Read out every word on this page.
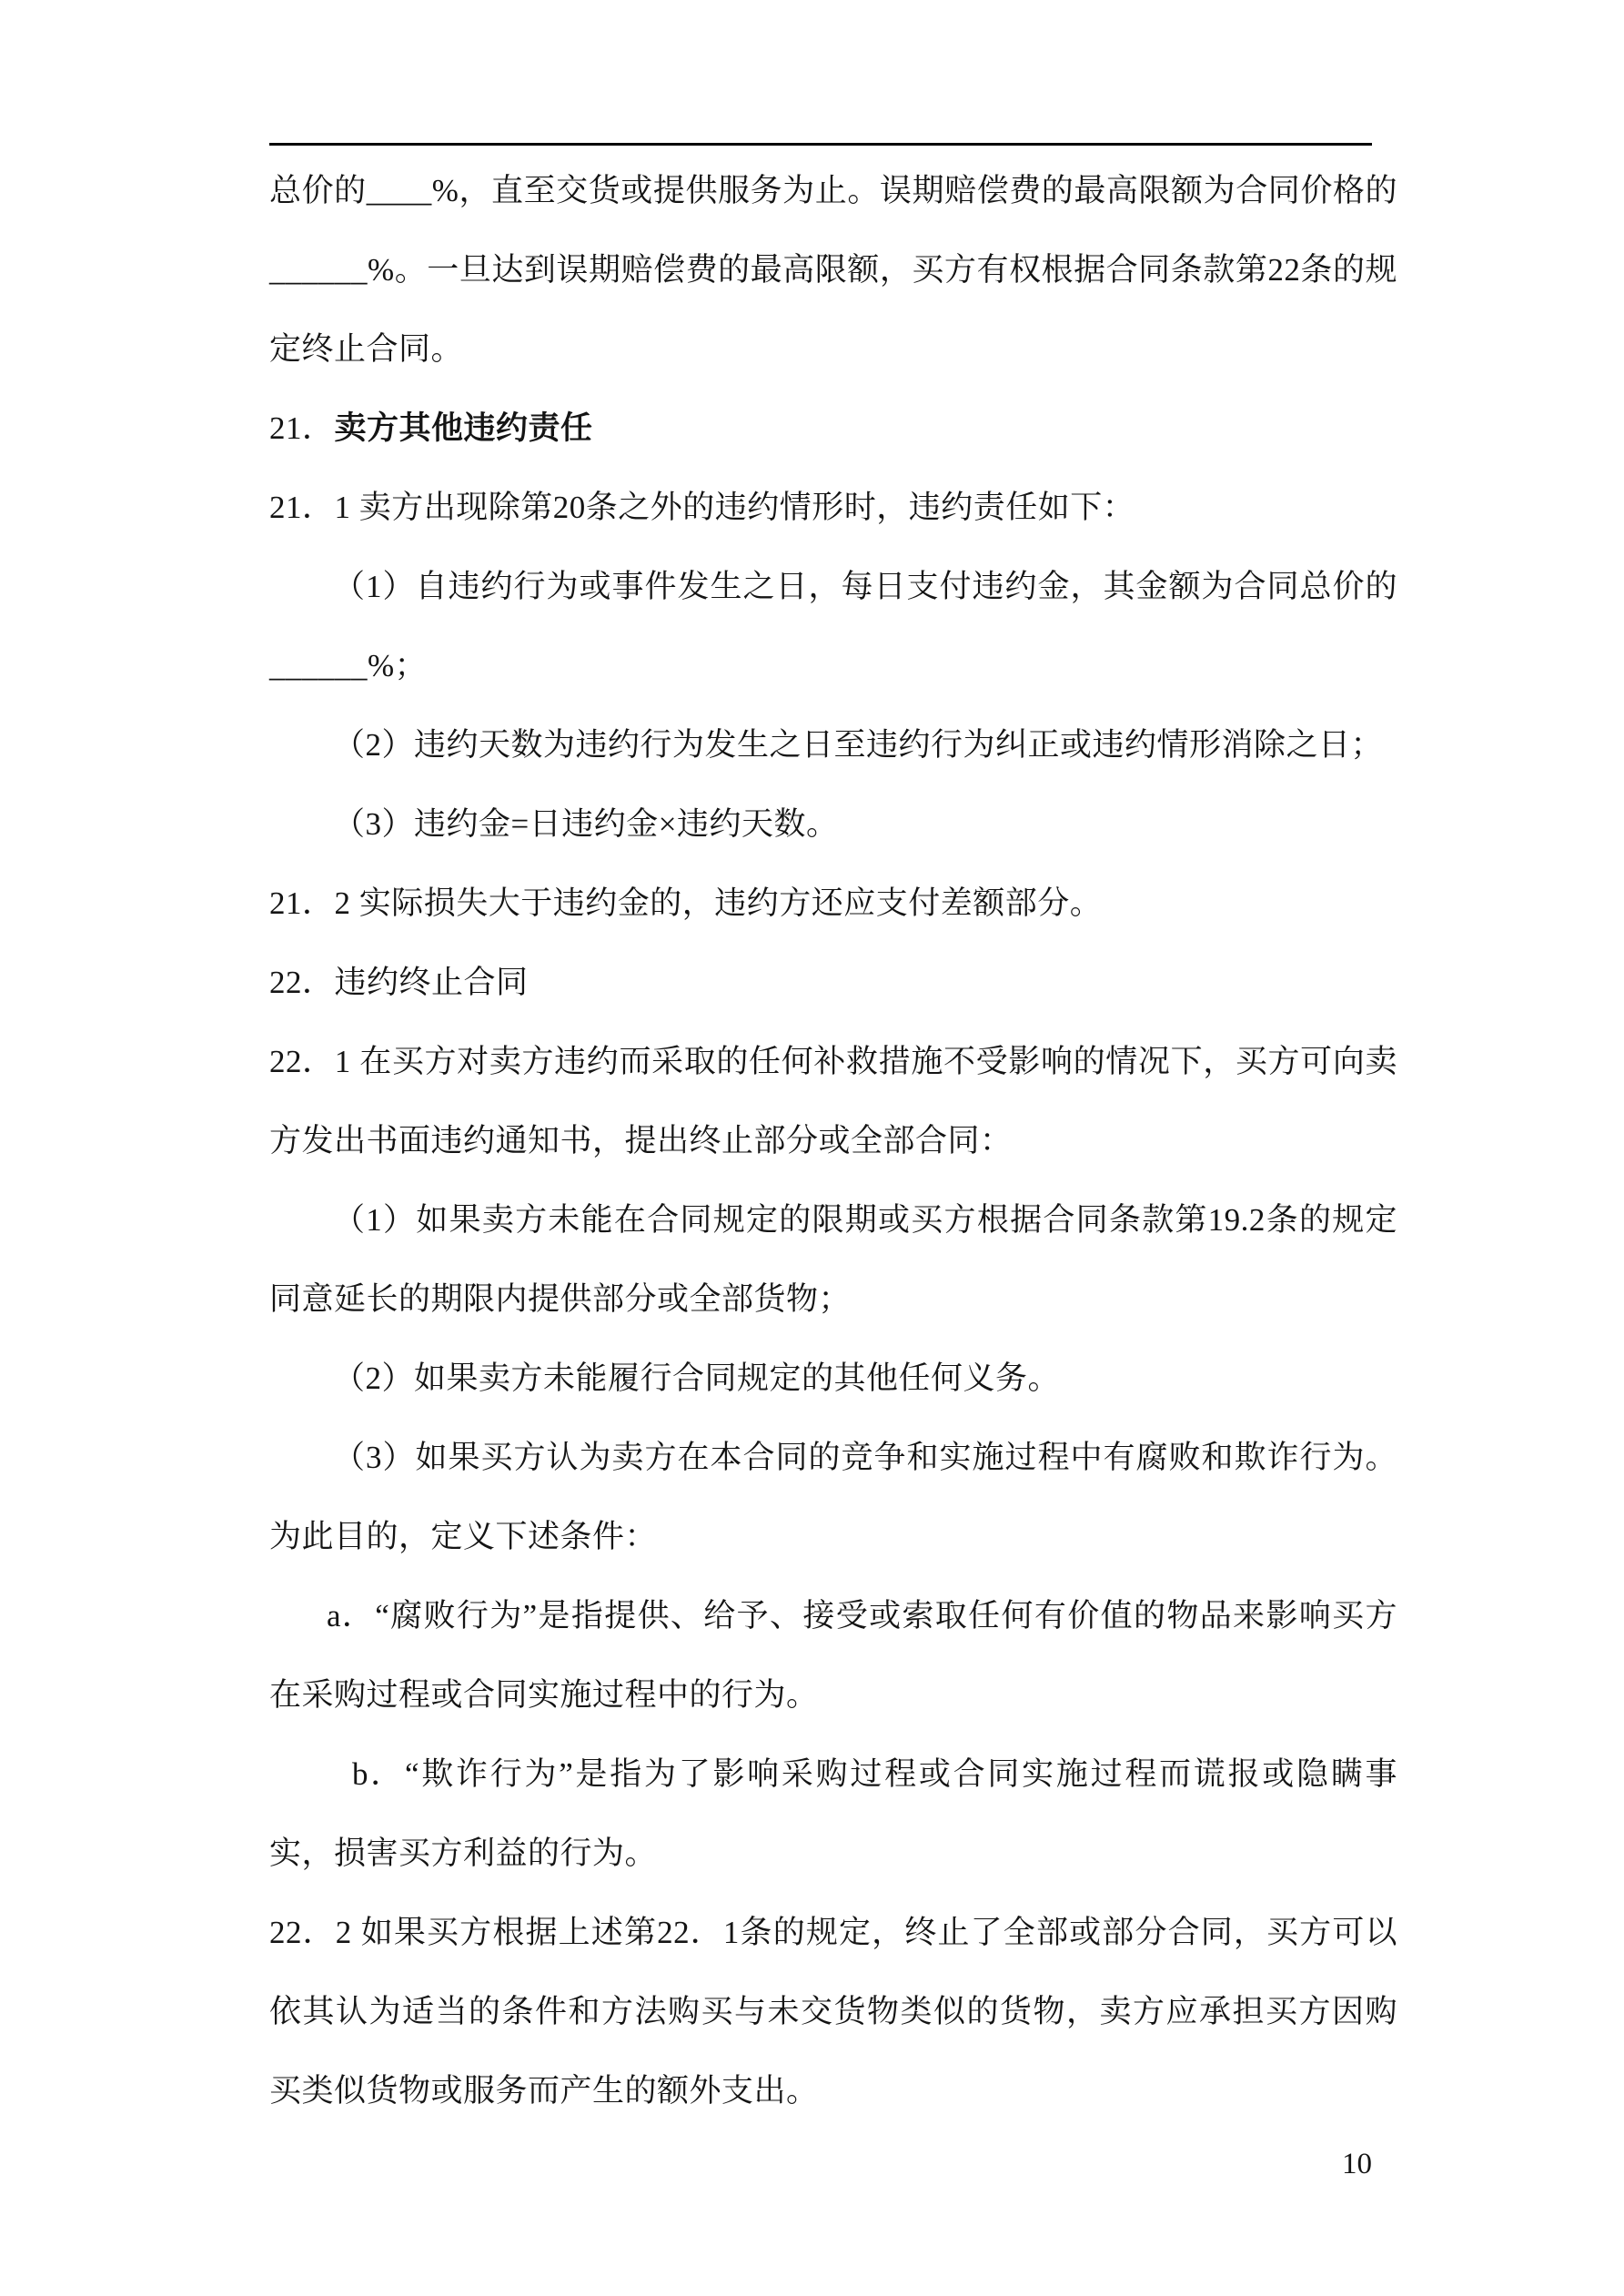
总价的____%，直至交货或提供服务为止。误期赔偿费的最高限额为合同价格的______%。一旦达到误期赔偿费的最高限额，买方有权根据合同条款第22条的规定终止合同。

21．卖方其他违约责任

21．1 卖方出现除第20条之外的违约情形时，违约责任如下：

（1）自违约行为或事件发生之日，每日支付违约金，其金额为合同总价的______%；

（2）违约天数为违约行为发生之日至违约行为纠正或违约情形消除之日；

（3）违约金=日违约金×违约天数。

21．2 实际损失大于违约金的，违约方还应支付差额部分。

22．违约终止合同

22．1 在买方对卖方违约而采取的任何补救措施不受影响的情况下，买方可向卖方发出书面违约通知书，提出终止部分或全部合同：

（1）如果卖方未能在合同规定的限期或买方根据合同条款第19.2条的规定同意延长的期限内提供部分或全部货物；

（2）如果卖方未能履行合同规定的其他任何义务。

（3）如果买方认为卖方在本合同的竞争和实施过程中有腐败和欺诈行为。为此目的，定义下述条件：

a．“腐败行为”是指提供、给予、接受或索取任何有价值的物品来影响买方在采购过程或合同实施过程中的行为。

b．“欺诈行为”是指为了影响采购过程或合同实施过程而谎报或隐瞒事实，损害买方利益的行为。

22．2 如果买方根据上述第22．1条的规定，终止了全部或部分合同，买方可以依其认为适当的条件和方法购买与未交货物类似的货物，卖方应承担买方因购买类似货物或服务而产生的额外支出。

10
